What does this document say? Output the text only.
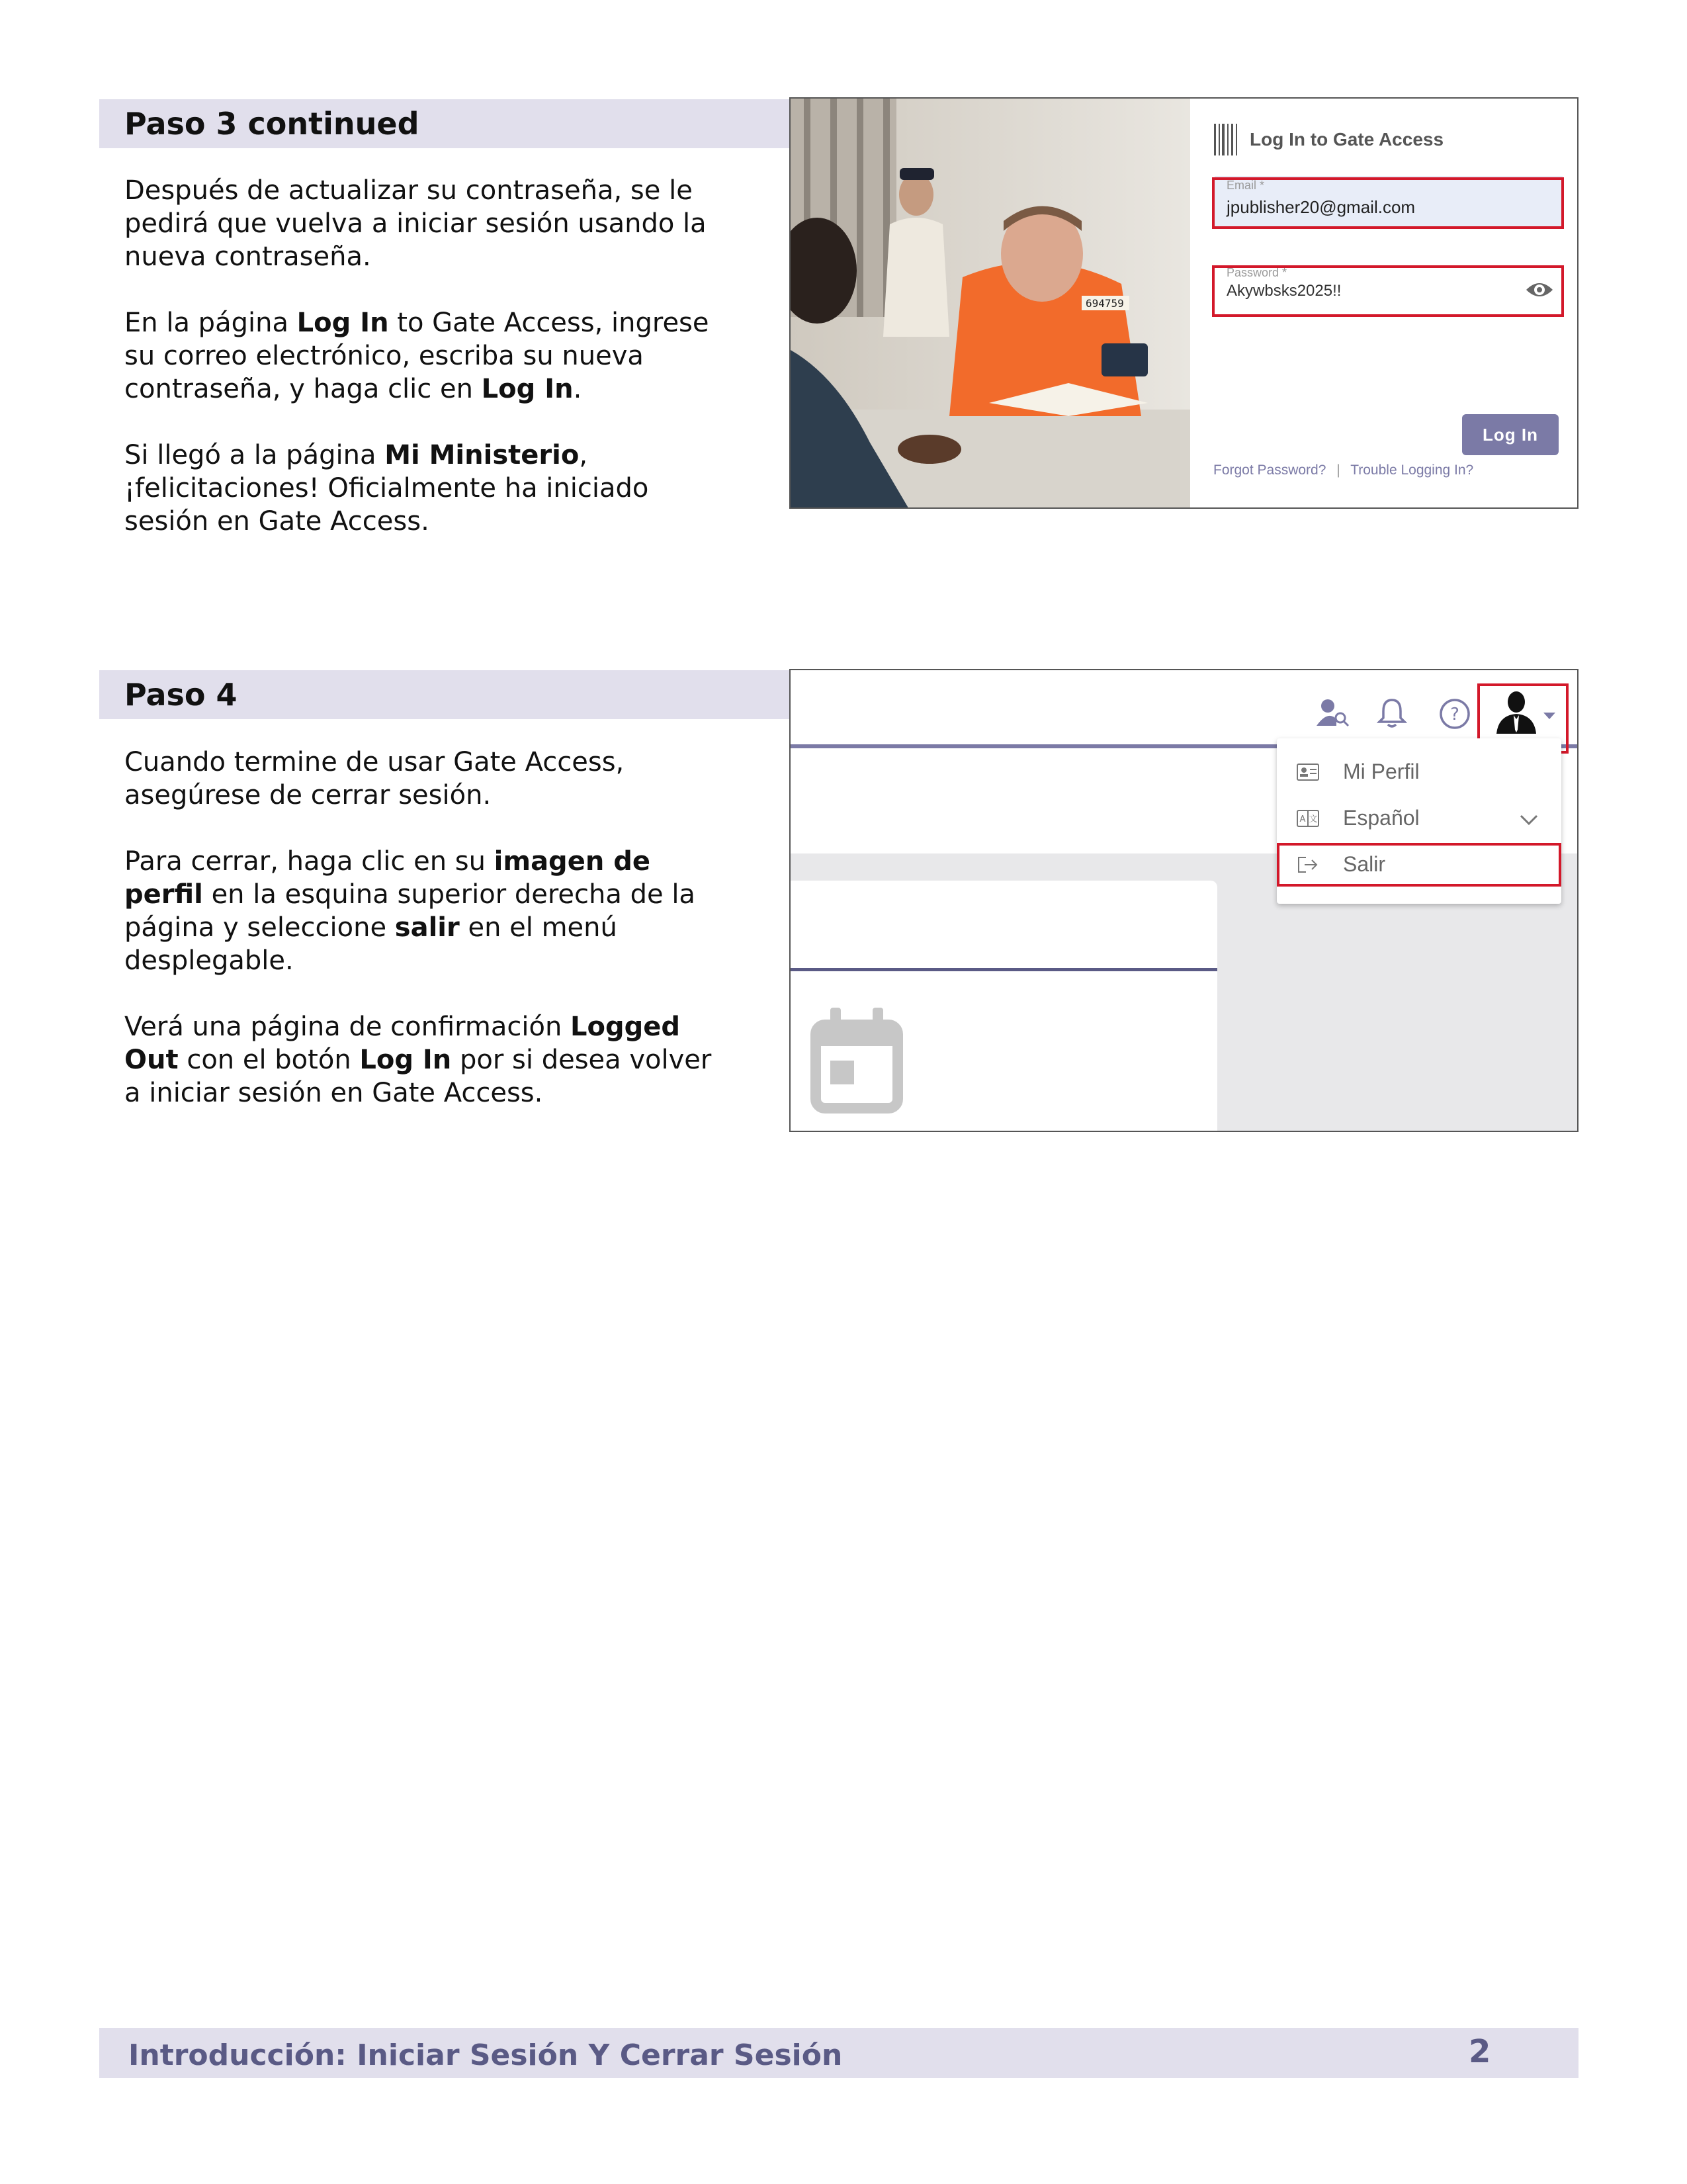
Paso 3 continued

Después de actualizar su contraseña, se le pedirá que vuelva a iniciar sesión usando la nueva contraseña.

En la página Log In to Gate Access, ingrese su correo electrónico, escriba su nueva contraseña, y haga clic en Log In.

Si llegó a la página Mi Ministerio, ¡felicitaciones! Oficialmente ha iniciado sesión en Gate Access.

694759
Log In to Gate Access
Email *
jpublisher20@gmail.com
Password *
Akywbsks2025!!
Log In
Forgot Password? | Trouble Logging In?
Paso 4

Cuando termine de usar Gate Access, asegúrese de cerrar sesión.

Para cerrar, haga clic en su imagen de perfil en la esquina superior derecha de la página y seleccione salir en el menú desplegable.

Verá una página de confirmación Logged Out con el botón Log In por si desea volver a iniciar sesión en Gate Access.

?
Mi Perfil
A 文 Español
Salir
Introducción: Iniciar Sesión Y Cerrar Sesión	2
